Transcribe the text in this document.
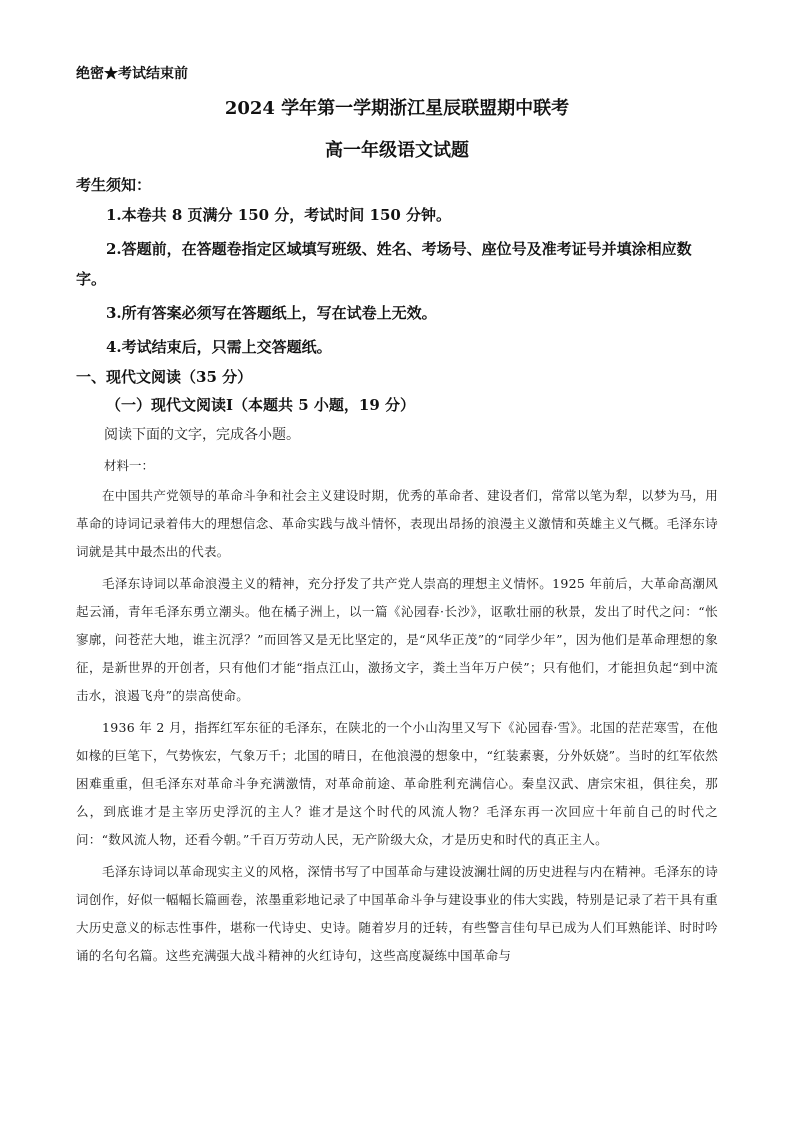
绝密★考试结束前
2024 学年第一学期浙江星辰联盟期中联考
高一年级语文试题
考生须知：

1.本卷共 8 页满分 150 分，考试时间 150 分钟。

2.答题前，在答题卷指定区域填写班级、姓名、考场号、座位号及准考证号并填涂相应数字。

3.所有答案必须写在答题纸上，写在试卷上无效。

4.考试结束后，只需上交答题纸。

一、现代文阅读（35 分）
（一）现代文阅读Ⅰ（本题共 5 小题，19 分）
阅读下面的文字，完成各小题。
材料一：

在中国共产党领导的革命斗争和社会主义建设时期，优秀的革命者、建设者们，常常以笔为犁，以梦为马，用革命的诗词记录着伟大的理想信念、革命实践与战斗情怀，表现出昂扬的浪漫主义激情和英雄主义气概。毛泽东诗词就是其中最杰出的代表。

毛泽东诗词以革命浪漫主义的精神，充分抒发了共产党人崇高的理想主义情怀。1925 年前后，大革命高潮风起云涌，青年毛泽东勇立潮头。他在橘子洲上，以一篇《沁园春·长沙》，讴歌壮丽的秋景，发出了时代之问：“怅寥廓，问苍茫大地，谁主沉浮？”而回答又是无比坚定的，是“风华正茂”的“同学少年”，因为他们是革命理想的象征，是新世界的开创者，只有他们才能“指点江山，激扬文字，粪土当年万户侯”；只有他们，才能担负起“到中流击水，浪遏飞舟”的崇高使命。

1936 年 2 月，指挥红军东征的毛泽东，在陕北的一个小山沟里又写下《沁园春·雪》。北国的茫茫寒雪，在他如椽的巨笔下，气势恢宏，气象万千；北国的晴日，在他浪漫的想象中，“红装素裹，分外妖娆”。当时的红军依然困难重重，但毛泽东对革命斗争充满激情，对革命前途、革命胜利充满信心。秦皇汉武、唐宗宋祖，俱往矣，那么，到底谁才是主宰历史浮沉的主人？谁才是这个时代的风流人物？毛泽东再一次回应十年前自己的时代之问：“数风流人物，还看今朝。”千百万劳动人民，无产阶级大众，才是历史和时代的真正主人。

毛泽东诗词以革命现实主义的风格，深情书写了中国革命与建设波澜壮阔的历史进程与内在精神。毛泽东的诗词创作，好似一幅幅长篇画卷，浓墨重彩地记录了中国革命斗争与建设事业的伟大实践，特别是记录了若干具有重大历史意义的标志性事件，堪称一代诗史、史诗。随着岁月的迁转，有些警言佳句早已成为人们耳熟能详、时时吟诵的名句名篇。这些充满强大战斗精神的火红诗句，这些高度凝练中国革命与
